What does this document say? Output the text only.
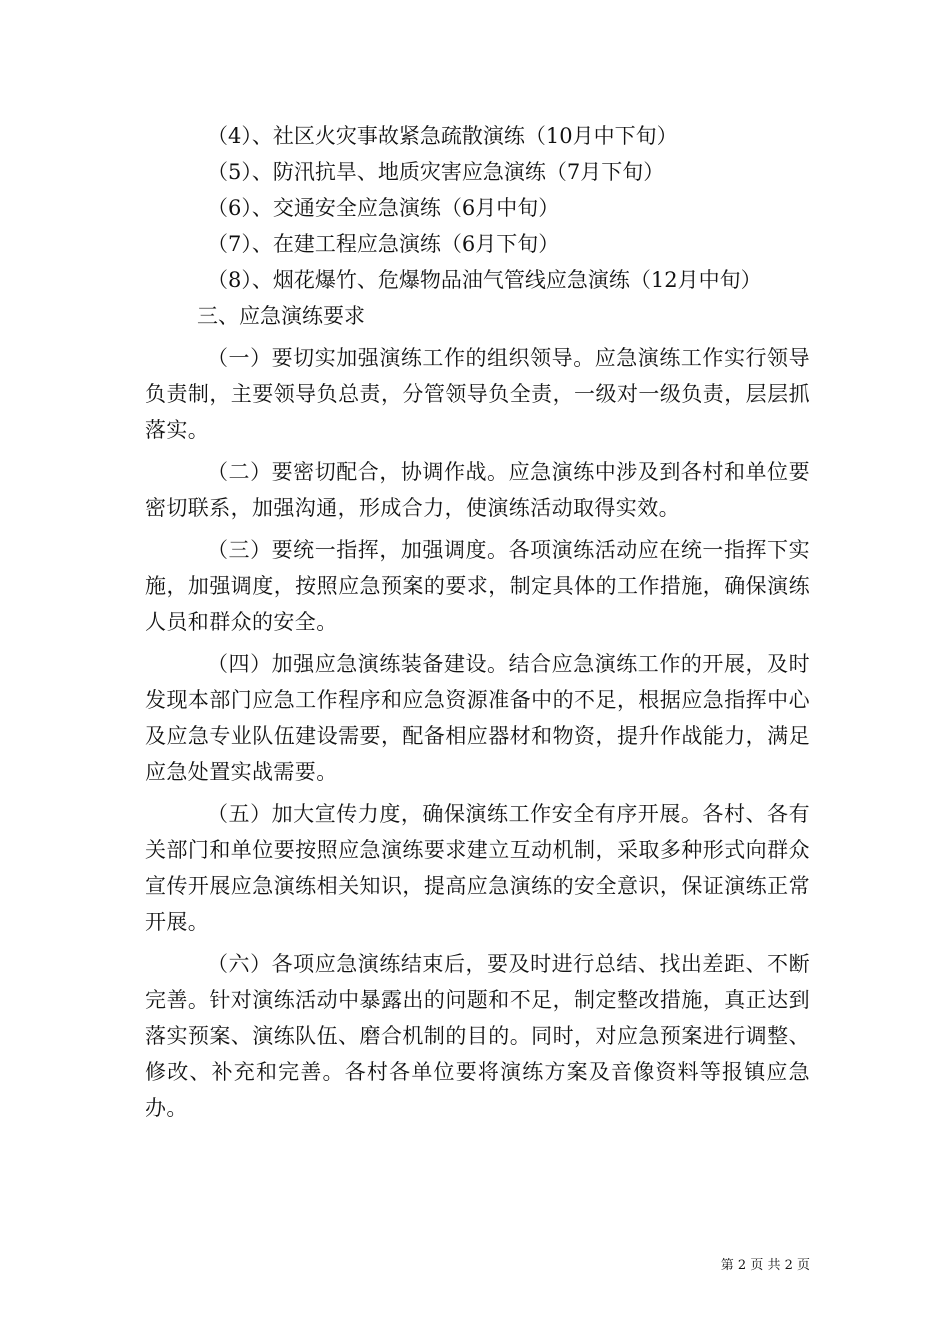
（4）、社区火灾事故紧急疏散演练（10月中下旬）
（5）、防汛抗旱、地质灾害应急演练（7月下旬）
（6）、交通安全应急演练（6月中旬）
（7）、在建工程应急演练（6月下旬）
（8）、烟花爆竹、危爆物品油气管线应急演练（12月中旬）
三、应急演练要求

（一）要切实加强演练工作的组织领导。应急演练工作实行领导负责制，主要领导负总责，分管领导负全责，一级对一级负责，层层抓落实。

（二）要密切配合，协调作战。应急演练中涉及到各村和单位要密切联系，加强沟通，形成合力，使演练活动取得实效。

（三）要统一指挥，加强调度。各项演练活动应在统一指挥下实施，加强调度，按照应急预案的要求，制定具体的工作措施，确保演练人员和群众的安全。

（四）加强应急演练装备建设。结合应急演练工作的开展，及时发现本部门应急工作程序和应急资源准备中的不足，根据应急指挥中心及应急专业队伍建设需要，配备相应器材和物资，提升作战能力，满足应急处置实战需要。

（五）加大宣传力度，确保演练工作安全有序开展。各村、各有关部门和单位要按照应急演练要求建立互动机制，采取多种形式向群众宣传开展应急演练相关知识，提高应急演练的安全意识，保证演练正常开展。

（六）各项应急演练结束后，要及时进行总结、找出差距、不断完善。针对演练活动中暴露出的问题和不足，制定整改措施，真正达到落实预案、演练队伍、磨合机制的目的。同时，对应急预案进行调整、修改、补充和完善。各村各单位要将演练方案及音像资料等报镇应急办。

第 2 页 共 2 页
